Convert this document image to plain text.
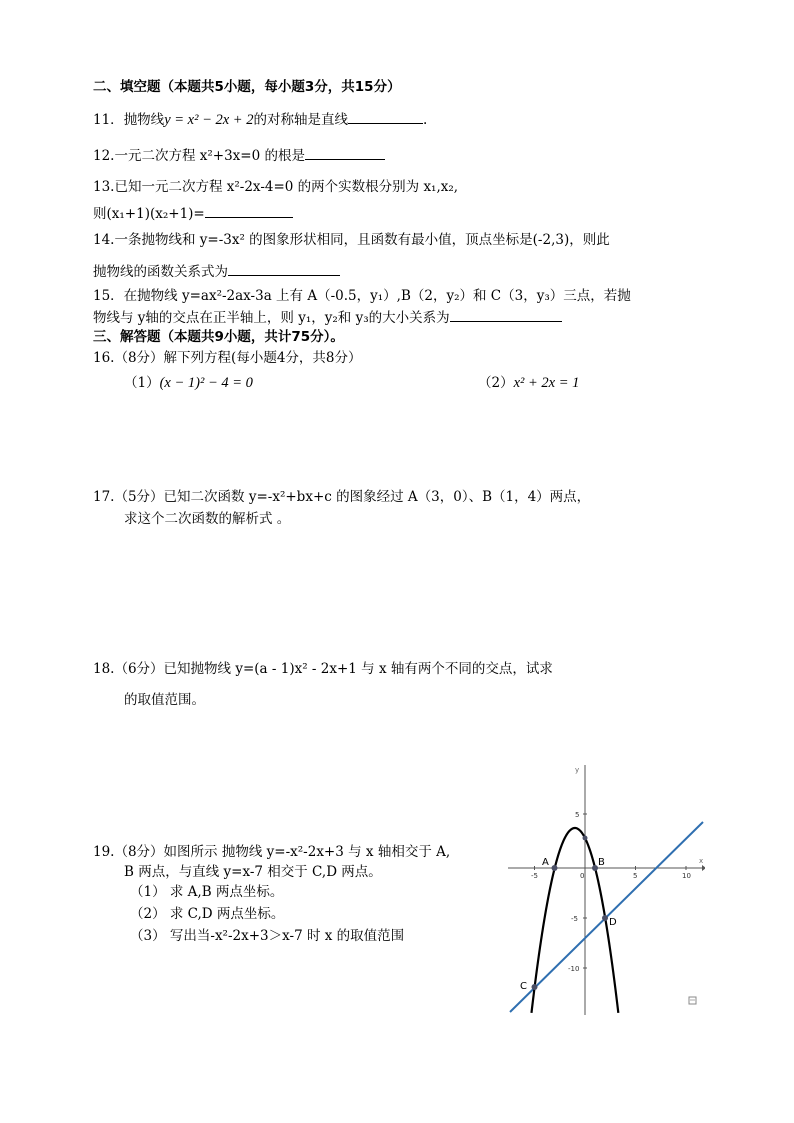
二、填空题（本题共5小题，每小题3分，共15分）
11．抛物线y = x² − 2x + 2的对称轴是直线	.
12.一元二次方程 x²+3x=0 的根是
13.已知一元二次方程 x²-2x-4=0 的两个实数根分别为 x₁,x₂,
则(x₁+1)(x₂+1)=
14.一条抛物线和 y=-3x² 的图象形状相同，且函数有最小值，顶点坐标是(-2,3)，则此
抛物线的函数关系式为
15．在抛物线 y=ax²-2ax-3a 上有 A（-0.5，y₁）,B（2，y₂）和 C（3，y₃）三点，若抛
物线与 y轴的交点在正半轴上，则 y₁，y₂和 y₃的大小关系为
三、解答题（本题共9小题，共计75分）。
16.（8分）解下列方程(每小题4分，共8分）
（1）(x − 1)² − 4 = 0	（2）x² + 2x = 1
17.（5分）已知二次函数 y=-x²+bx+c 的图象经过 A（3，0）、B（1，4）两点，
求这个二次函数的解析式 。
18.（6分）已知抛物线 y=(a - 1)x² - 2x+1 与 x 轴有两个不同的交点，试求
的取值范围。
19.（8分）如图所示 抛物线 y=-x²-2x+3 与 x 轴相交于 A,
B 两点，与直线 y=x-7 相交于 C,D 两点。
（1） 求 A,B 两点坐标。
（2） 求 C,D 两点坐标。
（3） 写出当-x²-2x+3＞x-7 时 x 的取值范围
y
x
-5	0	5	10
5
-5
-10
A	B
C
D
